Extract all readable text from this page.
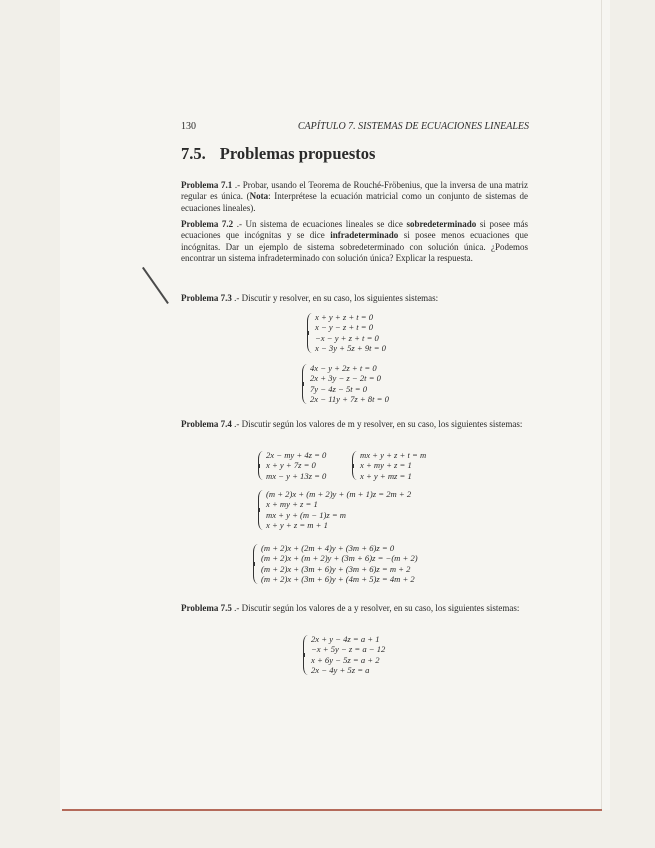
130	CAPÍTULO 7. SISTEMAS DE ECUACIONES LINEALES
7.5. Problemas propuestos
Problema 7.1 .- Probar, usando el Teorema de Rouché-Fröbenius, que la inversa de una matriz regular es única. (Nota: Interprétese la ecuación matricial como un conjunto de sistemas de ecuaciones lineales).
Problema 7.2 .- Un sistema de ecuaciones lineales se dice sobredeterminado si posee más ecuaciones que incógnitas y se dice infradeterminado si posee menos ecuaciones que incógnitas. Dar un ejemplo de sistema sobredeterminado con solución única. ¿Podemos encontrar un sistema infradeterminado con solución única? Explicar la respuesta.
Problema 7.3 .- Discutir y resolver, en su caso, los siguientes sistemas:
x + y + z + t = 0
x − y − z + t = 0
−x − y + z + t = 0
x − 3y + 5z + 9t = 0
4x − y + 2z + t = 0
2x + 3y − z − 2t = 0
7y − 4z − 5t = 0
2x − 11y + 7z + 8t = 0
Problema 7.4 .- Discutir según los valores de m y resolver, en su caso, los siguientes sistemas:
2x − my + 4z = 0
x + y + 7z = 0
mx − y + 13z = 0
mx + y + z + t = m
x + my + z = 1
x + y + mz = 1
(m + 2)x + (m + 2)y + (m + 1)z = 2m + 2
x + my + z = 1
mx + y + (m − 1)z = m
x + y + z = m + 1
(m + 2)x + (2m + 4)y + (3m + 6)z = 0
(m + 2)x + (m + 2)y + (3m + 6)z = −(m + 2)
(m + 2)x + (3m + 6)y + (3m + 6)z = m + 2
(m + 2)x + (3m + 6)y + (4m + 5)z = 4m + 2
Problema 7.5 .- Discutir según los valores de a y resolver, en su caso, los siguientes sistemas:
2x + y − 4z = a + 1
−x + 5y − z = a − 12
x + 6y − 5z = a + 2
2x − 4y + 5z = a
